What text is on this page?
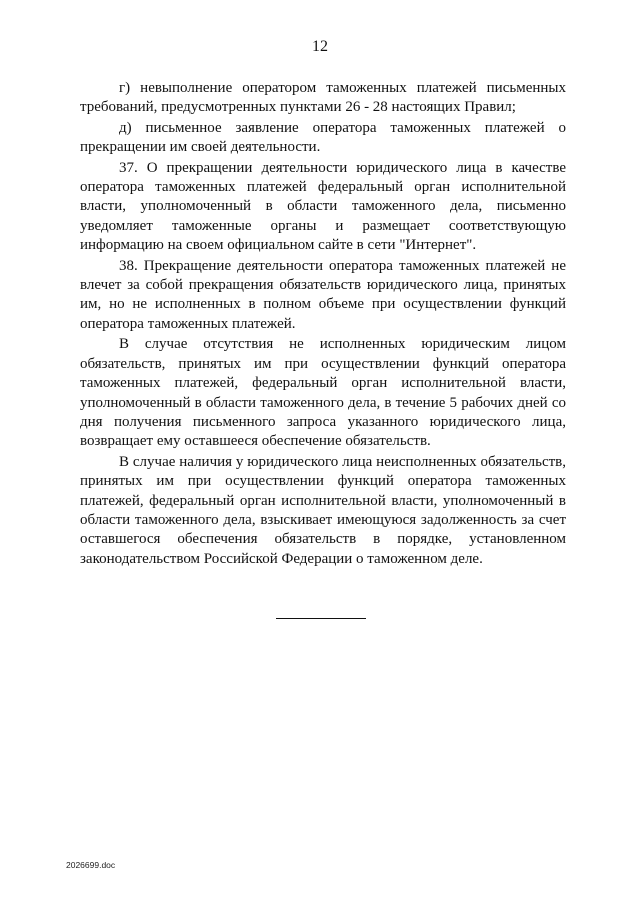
12

г) невыполнение оператором таможенных платежей письменных требований, предусмотренных пунктами 26 - 28 настоящих Правил;

д) письменное заявление оператора таможенных платежей о прекращении им своей деятельности.

37. О прекращении деятельности юридического лица в качестве оператора таможенных платежей федеральный орган исполнительной власти, уполномоченный в области таможенного дела, письменно уведомляет таможенные органы и размещает соответствующую информацию на своем официальном сайте в сети "Интернет".

38. Прекращение деятельности оператора таможенных платежей не влечет за собой прекращения обязательств юридического лица, принятых им, но не исполненных в полном объеме при осуществлении функций оператора таможенных платежей.

В случае отсутствия не исполненных юридическим лицом обязательств, принятых им при осуществлении функций оператора таможенных платежей, федеральный орган исполнительной власти, уполномоченный в области таможенного дела, в течение 5 рабочих дней со дня получения письменного запроса указанного юридического лица, возвращает ему оставшееся обеспечение обязательств.

В случае наличия у юридического лица неисполненных обязательств, принятых им при осуществлении функций оператора таможенных платежей, федеральный орган исполнительной власти, уполномоченный в области таможенного дела, взыскивает имеющуюся задолженность за счет оставшегося обеспечения обязательств в порядке, установленном законодательством Российской Федерации о таможенном деле.

2026699.doc
